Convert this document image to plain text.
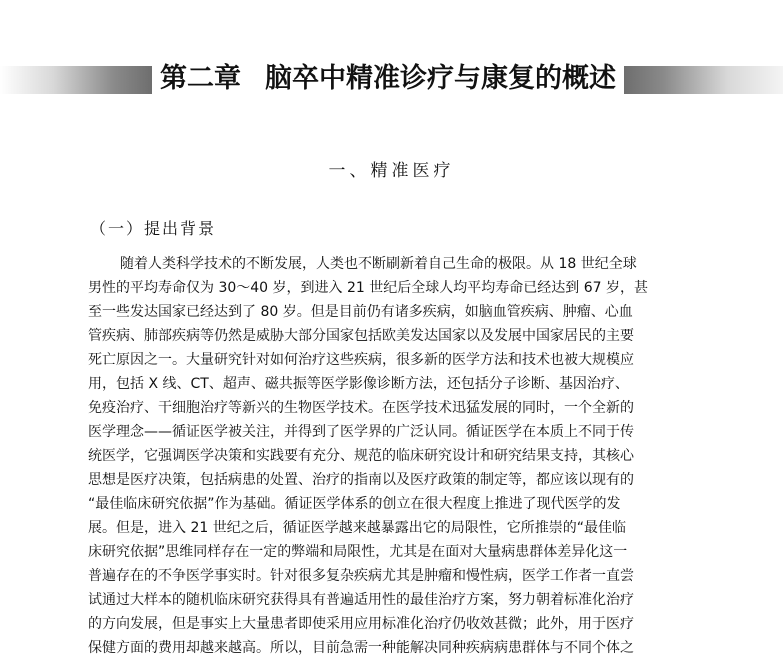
第二章 脑卒中精准诊疗与康复的概述
一、精准医疗
（一）提出背景
随着人类科学技术的不断发展，人类也不断刷新着自己生命的极限。从 18 世纪全球
男性的平均寿命仅为 30～40 岁，到进入 21 世纪后全球人均平均寿命已经达到 67 岁，甚
至一些发达国家已经达到了 80 岁。但是目前仍有诸多疾病，如脑血管疾病、肿瘤、心血
管疾病、肺部疾病等仍然是威胁大部分国家包括欧美发达国家以及发展中国家居民的主要
死亡原因之一。大量研究针对如何治疗这些疾病，很多新的医学方法和技术也被大规模应
用，包括 X 线、CT、超声、磁共振等医学影像诊断方法，还包括分子诊断、基因治疗、
免疫治疗、干细胞治疗等新兴的生物医学技术。在医学技术迅猛发展的同时，一个全新的
医学理念——循证医学被关注，并得到了医学界的广泛认同。循证医学在本质上不同于传
统医学，它强调医学决策和实践要有充分、规范的临床研究设计和研究结果支持，其核心
思想是医疗决策，包括病患的处置、治疗的指南以及医疗政策的制定等，都应该以现有的
“最佳临床研究依据”作为基础。循证医学体系的创立在很大程度上推进了现代医学的发
展。但是，进入 21 世纪之后，循证医学越来越暴露出它的局限性，它所推崇的“最佳临
床研究依据”思维同样存在一定的弊端和局限性，尤其是在面对大量病患群体差异化这一
普遍存在的不争医学事实时。针对很多复杂疾病尤其是肿瘤和慢性病，医学工作者一直尝
试通过大样本的随机临床研究获得具有普遍适用性的最佳治疗方案，努力朝着标准化治疗
的方向发展，但是事实上大量患者即使采用应用标准化治疗仍收效甚微；此外，用于医疗
保健方面的费用却越来越高。所以，目前急需一种能解决同种疾病病患群体与不同个体之
